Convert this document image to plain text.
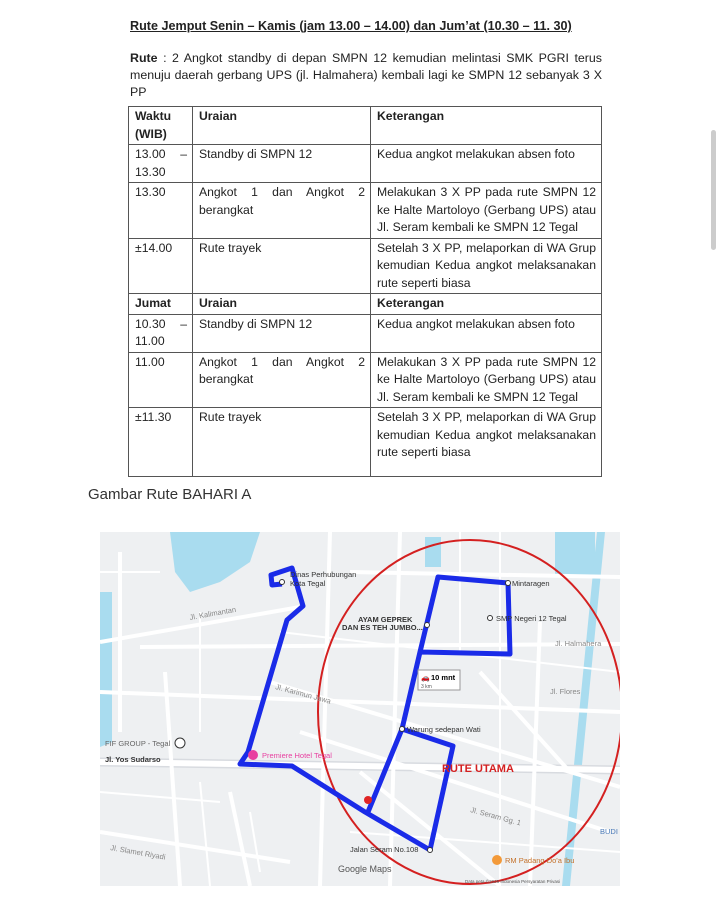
Rute Jemput Senin – Kamis (jam 13.00 – 14.00) dan Jum’at (10.30 – 11. 30)
Rute : 2 Angkot standby di depan SMPN 12 kemudian melintasi SMK PGRI terus menuju daerah gerbang UPS (jl. Halmahera) kembali lagi ke SMPN 12 sebanyak 3 X PP
Waktu (WIB)	Uraian	Keterangan
13.00 – 13.30	Standby di SMPN 12	Kedua angkot melakukan absen foto
13.30	Angkot 1 dan Angkot 2 berangkat	Melakukan 3 X PP pada rute SMPN 12 ke Halte Martoloyo (Gerbang UPS) atau Jl. Seram kembali ke SMPN 12 Tegal
±14.00	Rute trayek	Setelah 3 X PP, melaporkan di WA Grup kemudian Kedua angkot melaksanakan rute seperti biasa
Jumat	Uraian	Keterangan
10.30 – 11.00	Standby di SMPN 12	Kedua angkot melakukan absen foto
11.00	Angkot 1 dan Angkot 2 berangkat	Melakukan 3 X PP pada rute SMPN 12 ke Halte Martoloyo (Gerbang UPS) atau Jl. Seram kembali ke SMPN 12 Tegal
±11.30	Rute trayek	Setelah 3 X PP, melaporkan di WA Grup kemudian Kedua angkot melaksanakan rute seperti biasa
Gambar Rute BAHARI A
Dinas Perhubungan
Kota Tegal	Mintaragen
SMP Negeri 12 Tegal
AYAM GEPREK
DAN ES TEH JUMBO...
Warung sedepan Wati
Premiere Hotel Tegal
FIF GROUP - Tegal
Jl. Yos Sudarso
Jalan Seram No.108
RM Padang Do'a Ibu
Google Maps
Jl. Halmahera
Jl. Kalimantan
Jl. Karimun Jawa
Jl. Slamet Riyadi
Jl. Seram Gg. 1
Jl. Flores
BUDI
Data peta ©2025 Indonesia Persyaratan Privasi
RUTE UTAMA
🚗 10 mnt
3 km
